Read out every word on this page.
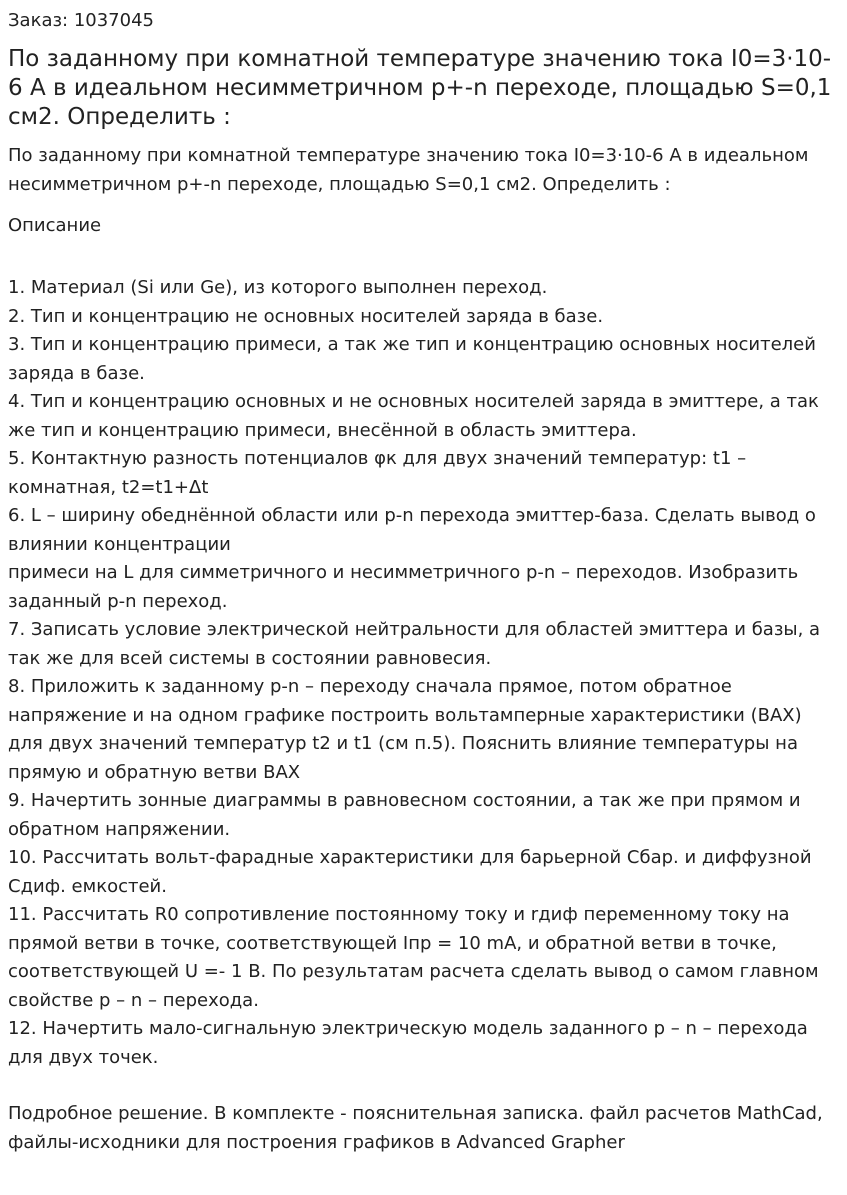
Заказ: 1037045

По заданному при комнатной температуре значению тока I0=3·10-6 А в идеальном несимметричном p+-n переходе, площадью S=0,1 см2. Определить :

По заданному при комнатной температуре значению тока I0=3·10-6 А в идеальном несимметричном p+-n переходе, площадью S=0,1 см2. Определить :

Описание

1. Материал (Si или Ge), из которого выполнен переход.

2. Тип и концентрацию не основных носителей заряда в базе.

3. Тип и концентрацию примеси, а так же тип и концентрацию основных носителей заряда в базе.

4. Тип и концентрацию основных и не основных носителей заряда в эмиттере, а так же тип и концентрацию примеси, внесённой в область эмиттера.

5. Контактную разность потенциалов φк для двух значений температур: t1 – комнатная, t2=t1+Δt

6. L – ширину обеднённой области или p-n перехода эмиттер-база. Сделать вывод о влиянии концентрации

примеси на L для симметричного и несимметричного p-n – переходов. Изобразить заданный p-n переход.

7. Записать условие электрической нейтральности для областей эмиттера и базы, а так же для всей системы в состоянии равновесия.

8. Приложить к заданному p-n – переходу сначала прямое, потом обратное напряжение и на одном графике построить вольтамперные характеристики (ВАХ) для двух значений температур t2 и t1 (см п.5). Пояснить влияние температуры на прямую и обратную ветви ВАХ

9. Начертить зонные диаграммы в равновесном состоянии, а так же при прямом и обратном напряжении.

10. Рассчитать вольт-фарадные характеристики для барьерной Сбар. и диффузной Сдиф. емкостей.

11. Рассчитать R0 сопротивление постоянному току и rдиф переменному току на прямой ветви в точке, соответствующей Iпр = 10 mA, и обратной ветви в точке, соответствующей U =- 1 В. По результатам расчета сделать вывод о самом главном свойстве p – n – перехода.

12. Начертить мало-сигнальную электрическую модель заданного p – n – перехода для двух точек.

Подробное решение. В комплекте - пояснительная записка. файл расчетов MathCad, файлы-исходники для построения графиков в Advanced Grapher
